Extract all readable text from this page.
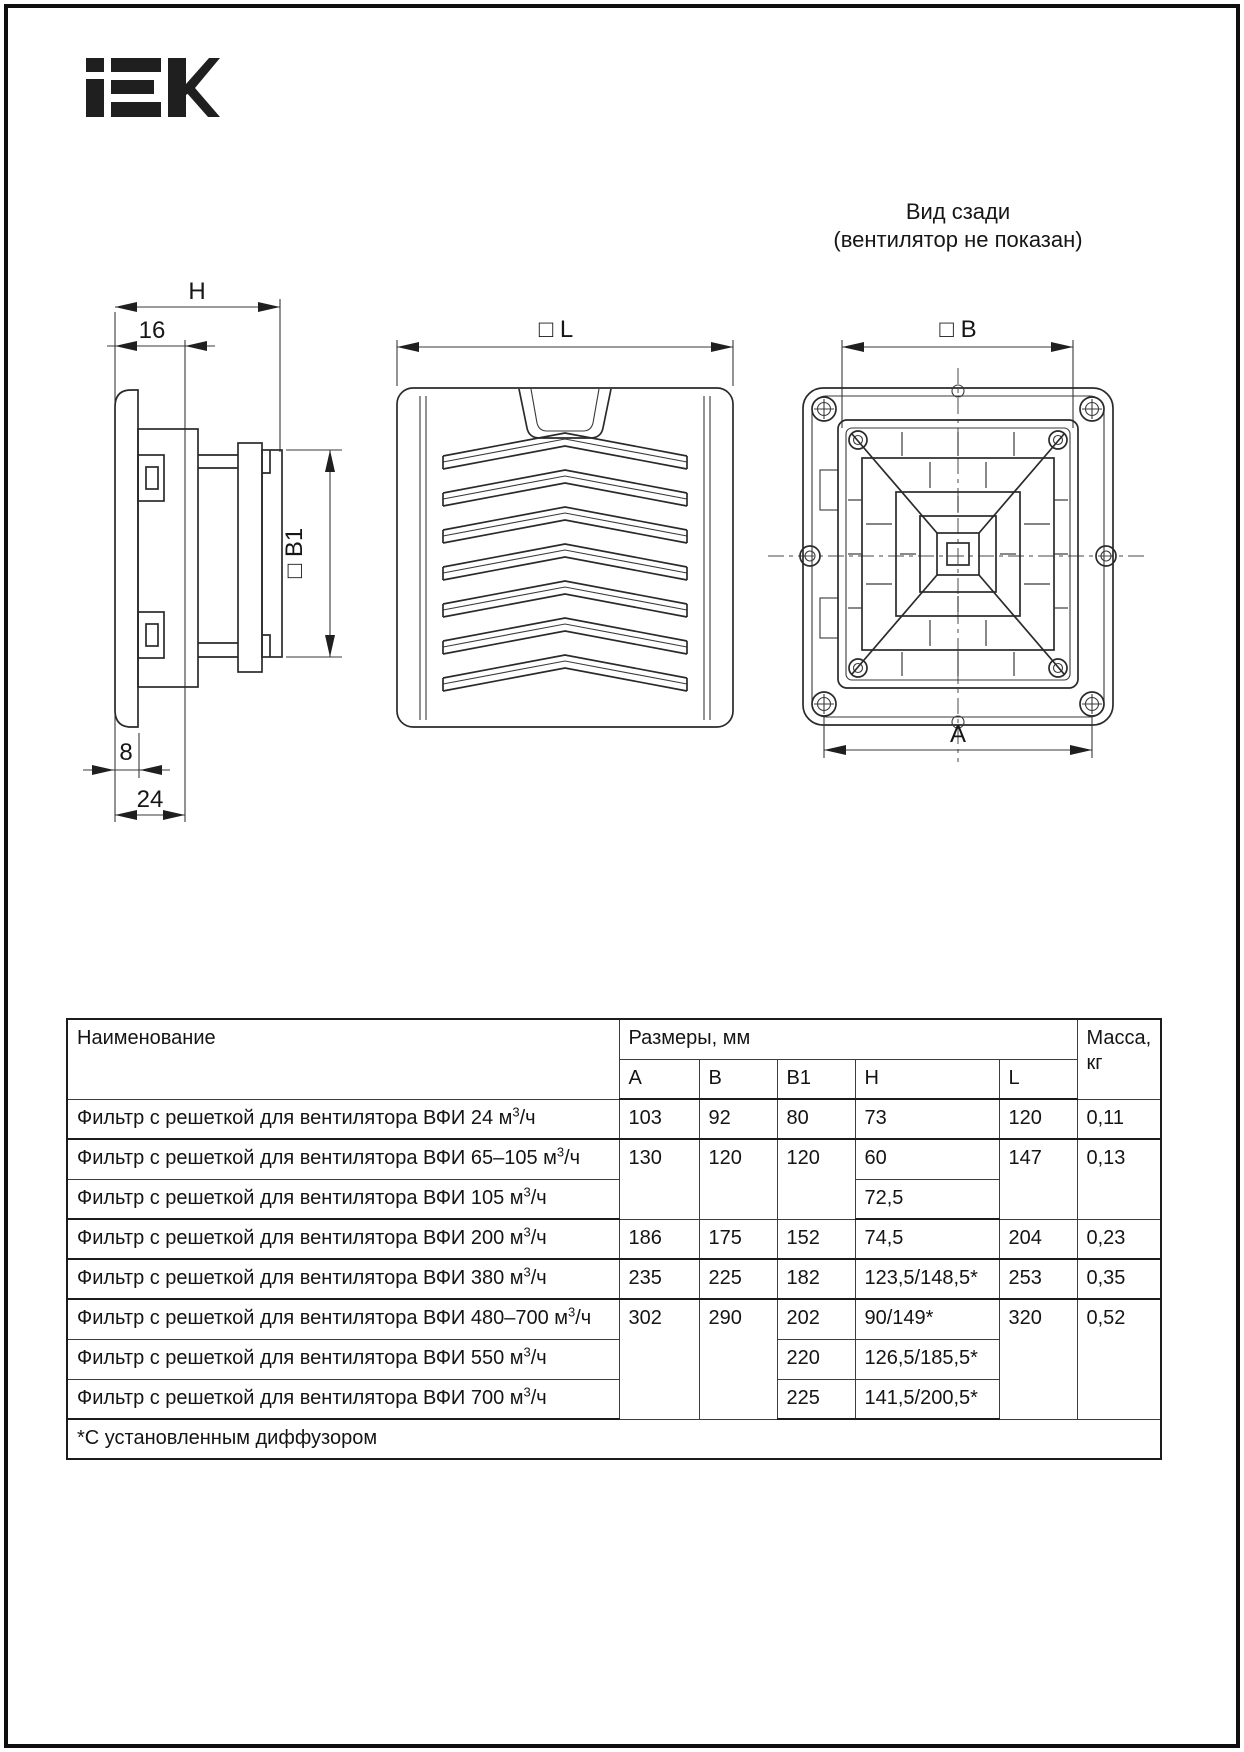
Вид сзади
(вентилятор не показан)
H
16
□ B1
8
24
□ L	□ B
A
Наименование	Размеры, мм					Масса, кг
	A	B	B1	H	L	
Фильтр с решеткой для вентилятора ВФИ 24 $м^3/ч$	103	92	80	73	120	0,11
Фильтр с решеткой для вентилятора ВФИ 65–105 $м^3/ч$	130	120	120	60	147	0,13
Фильтр с решеткой для вентилятора ВФИ 105 $м^3/ч$				72,5		
Фильтр с решеткой для вентилятора ВФИ 200 $м^3/ч$	186	175	152	74,5	204	0,23
Фильтр с решеткой для вентилятора ВФИ 380 $м^3/ч$	235	225	182	123,5/148,5*	253	0,35
Фильтр с решеткой для вентилятора ВФИ 480–700 $м^3/ч$	302	290	202	90/149*	320	0,52
Фильтр с решеткой для вентилятора ВФИ 550 $м^3/ч$			220	126,5/185,5*		
Фильтр с решеткой для вентилятора ВФИ 700 $м^3/ч$			225	141,5/200,5*		
*С установленным диффузором						
